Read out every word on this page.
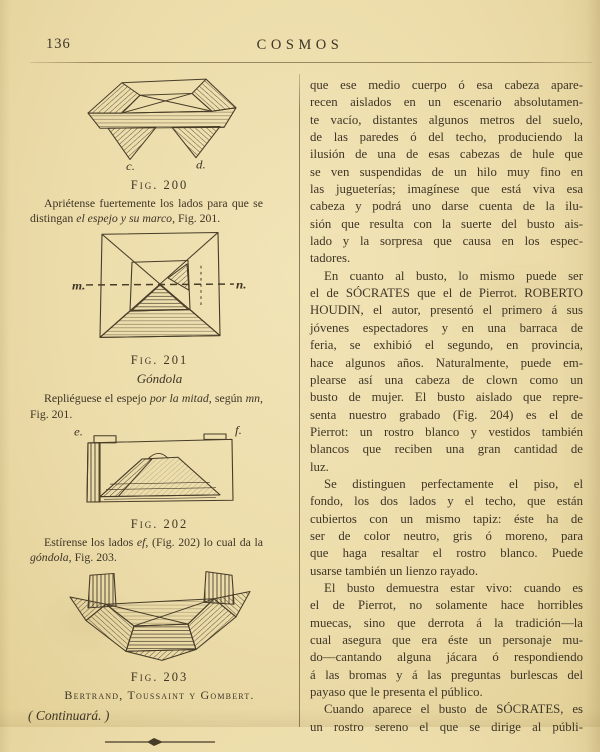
136	COSMOS
c.	d.
Fig. 200
Apriétense fuertemente los lados para que se
distingan el espejo y su marco, Fig. 201.
m.	n.
Fig. 201
Góndola
Repliéguese el espejo por la mitad, según mn,
Fig. 201.
e.	f.
Fig. 202
Estírense los lados ef, (Fig. 202) lo cual da la
góndola, Fig. 203.
Fig. 203
Bertrand, Toussaint y Gombert.
( Continuará. )
que ese medio cuerpo ó esa cabeza apare-
recen aislados en un escenario absolutamen-
te vacío, distantes algunos metros del suelo,
de las paredes ó del techo, produciendo la
ilusión de una de esas cabezas de hule que
se ven suspendidas de un hilo muy fino en
las jugueterías; imagínese que está viva esa
cabeza y podrá uno darse cuenta de la ilu-
sión que resulta con la suerte del busto ais-
lado y la sorpresa que causa en los espec-
tadores.
En cuanto al busto, lo mismo puede ser
el de SÓCRATES que el de Pierrot. ROBERTO
HOUDIN, el autor, presentó el primero á sus
jóvenes espectadores y en una barraca de
feria, se exhibió el segundo, en provincia,
hace algunos años. Naturalmente, puede em-
plearse así una cabeza de clown como un
busto de mujer. El busto aislado que repre-
senta nuestro grabado (Fig. 204) es el de
Pierrot: un rostro blanco y vestidos también
blancos que reciben una gran cantidad de
luz.
Se distinguen perfectamente el piso, el
fondo, los dos lados y el techo, que están
cubiertos con un mismo tapiz: éste ha de
ser de color neutro, gris ó moreno, para
que haga resaltar el rostro blanco. Puede
usarse también un lienzo rayado.
El busto demuestra estar vivo: cuando es
el de Pierrot, no solamente hace horribles
muecas, sino que derrota á la tradición—la
cual asegura que era éste un personaje mu-
do—cantando alguna jácara ó respondiendo
á las bromas y á las preguntas burlescas del
payaso que le presenta el público.
Cuando aparece el busto de SÓCRATES, es
un rostro sereno el que se dirige al públi-
